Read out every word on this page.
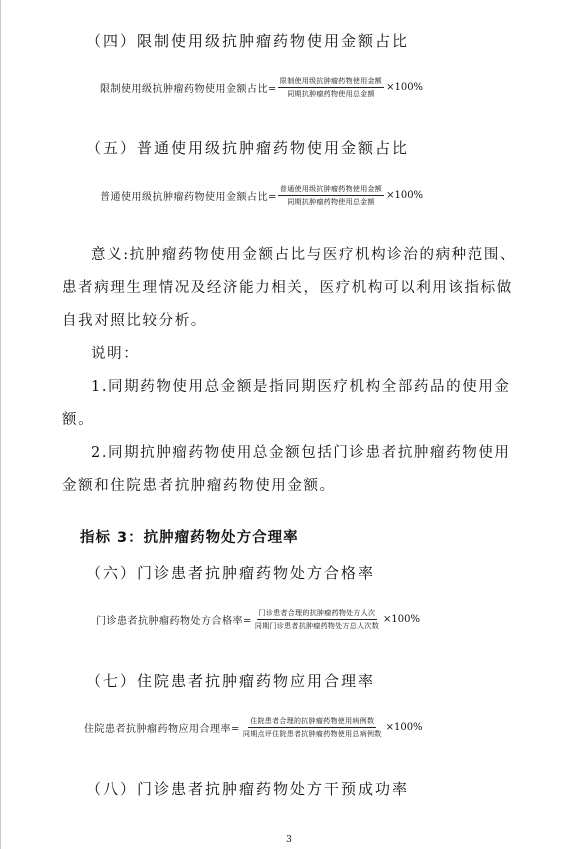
（四）限制使用级抗肿瘤药物使用金额占比
限制使用级抗肿瘤药物使用金额占比= $\frac{\text{限制使用级抗肿瘤药物使用金额}}{\text{同期抗肿瘤药物使用总金额}} \times 100\%$
（五）普通使用级抗肿瘤药物使用金额占比
普通使用级抗肿瘤药物使用金额占比= $\frac{\text{普通使用级抗肿瘤药物使用金额}}{\text{同期抗肿瘤药物使用总金额}} \times 100\%$

意义:抗肿瘤药物使用金额占比与医疗机构诊治的病种范围、

患者病理生理情况及经济能力相关，医疗机构可以利用该指标做

自我对照比较分析。

说明：

1.同期药物使用总金额是指同期医疗机构全部药品的使用金

额。

2.同期抗肿瘤药物使用总金额包括门诊患者抗肿瘤药物使用

金额和住院患者抗肿瘤药物使用金额。

指标 3：抗肿瘤药物处方合理率
（六）门诊患者抗肿瘤药物处方合格率
门诊患者抗肿瘤药物处方合格率= $\frac{\text{门诊患者合理的抗肿瘤药物处方人次}}{\text{同期门诊患者抗肿瘤药物处方总人次数}} \times 100\%$
（七）住院患者抗肿瘤药物应用合理率
住院患者抗肿瘤药物应用合理率= $\frac{\text{住院患者合理的抗肿瘤药物使用病例数}}{\text{同期点评住院患者抗肿瘤药物使用总病例数}} \times 100\%$
（八）门诊患者抗肿瘤药物处方干预成功率
3
